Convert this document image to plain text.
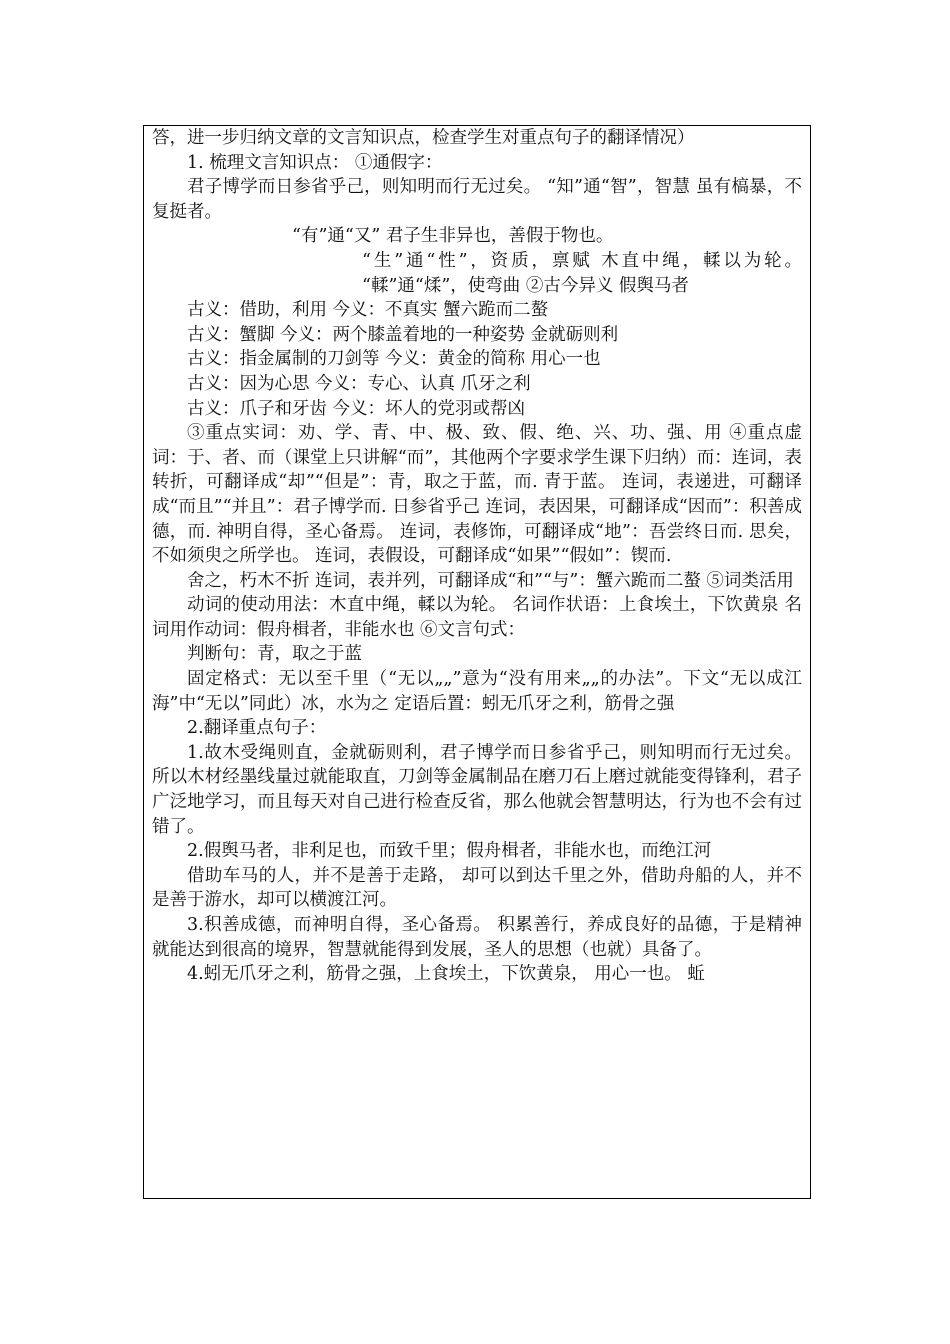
答，进一步归纳文章的文言知识点，检查学生对重点句子的翻译情况）

1. 梳理文言知识点： ①通假字：

君子博学而日参省乎己，则知明而行无过矣。 “知”通“智”，智慧 虽有槁暴，不复挺者。

“有”通“又” 君子生非异也，善假于物也。

“生”通“性”，资质，禀赋 木直中绳，輮以为轮。 “輮”通“煣”，使弯曲 ②古今异义 假舆马者

古义：借助，利用 今义：不真实 蟹六跪而二螯

古义：蟹脚 今义：两个膝盖着地的一种姿势 金就砺则利

古义：指金属制的刀剑等 今义：黄金的简称 用心一也

古义：因为心思 今义：专心、认真 爪牙之利

古义：爪子和牙齿 今义：坏人的党羽或帮凶

③重点实词：劝、学、青、中、极、致、假、绝、兴、功、强、用 ④重点虚词：于、者、而（课堂上只讲解“而”，其他两个字要求学生课下归纳）而：连词，表转折，可翻译成“却”“但是”：青，取之于蓝，而. 青于蓝。 连词，表递进，可翻译成“而且”“并且”：君子博学而. 日参省乎己 连词，表因果，可翻译成“因而”：积善成德，而. 神明自得，圣心备焉。 连词，表修饰，可翻译成“地”：吾尝终日而. 思矣，不如须臾之所学也。 连词，表假设，可翻译成“如果”“假如”：锲而.

舍之，朽木不折 连词，表并列，可翻译成“和”“与”：蟹六跪而二螯 ⑤词类活用

动词的使动用法：木直中绳，輮以为轮。 名词作状语：上食埃土，下饮黄泉 名词用作动词：假舟楫者，非能水也 ⑥文言句式：

判断句：青，取之于蓝

固定格式：无以至千里（“无以„„”意为“没有用来„„的办法”。下文“无以成江海”中“无以”同此）冰，水为之 定语后置：蚓无爪牙之利，筋骨之强

2.翻译重点句子：

1.故木受绳则直，金就砺则利，君子博学而日参省乎己，则知明而行无过矣。 所以木材经墨线量过就能取直，刀剑等金属制品在磨刀石上磨过就能变得锋利，君子广泛地学习，而且每天对自己进行检查反省，那么他就会智慧明达，行为也不会有过错了。

2.假舆马者，非利足也，而致千里；假舟楫者，非能水也，而绝江河

借助车马的人，并不是善于走路， 却可以到达千里之外，借助舟船的人，并不是善于游水，却可以横渡江河。

3.积善成德，而神明自得，圣心备焉。 积累善行，养成良好的品德，于是精神就能达到很高的境界，智慧就能得到发展，圣人的思想（也就）具备了。

4.蚓无爪牙之利，筋骨之强，上食埃土，下饮黄泉， 用心一也。 蚯
